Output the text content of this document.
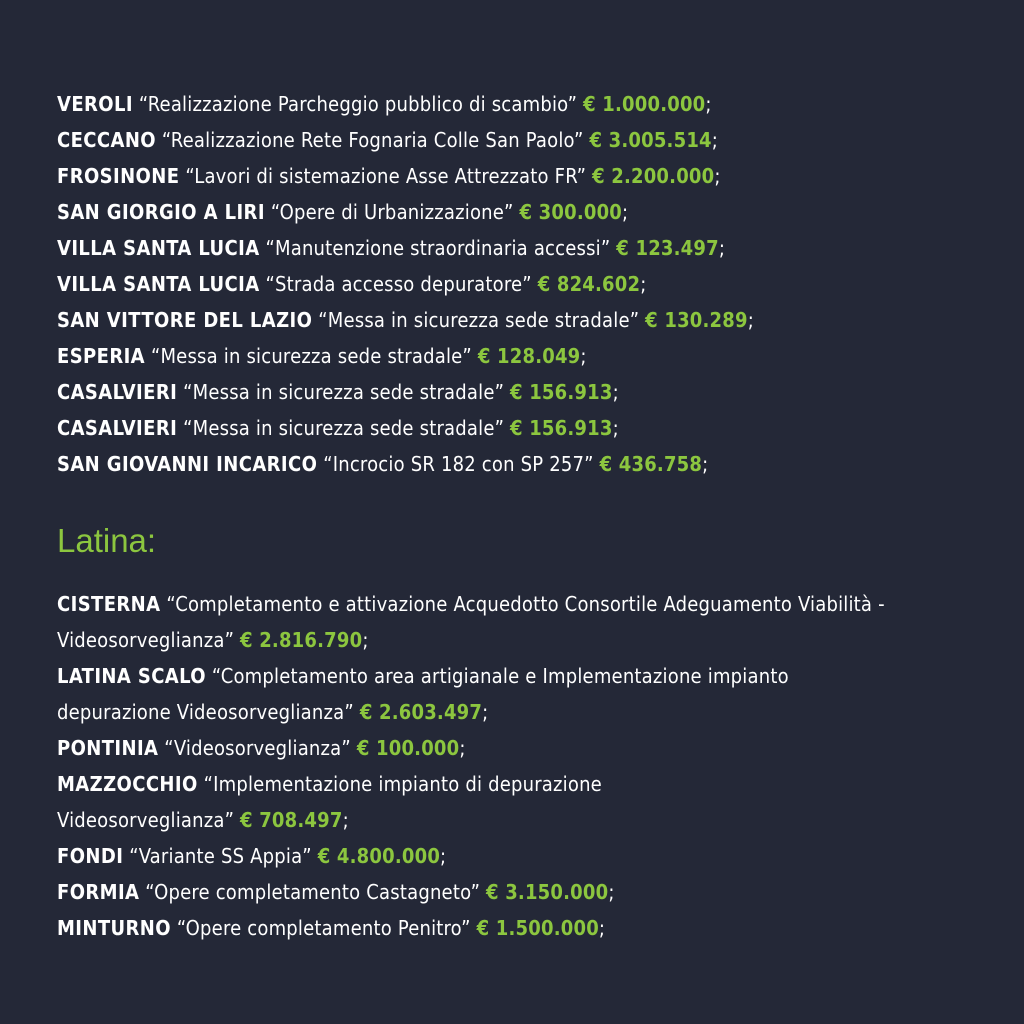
VEROLI “Realizzazione Parcheggio pubblico di scambio” € 1.000.000;
CECCANO “Realizzazione Rete Fognaria Colle San Paolo” € 3.005.514;
FROSINONE “Lavori di sistemazione Asse Attrezzato FR” € 2.200.000;
SAN GIORGIO A LIRI “Opere di Urbanizzazione” € 300.000;
VILLA SANTA LUCIA “Manutenzione straordinaria accessi” € 123.497;
VILLA SANTA LUCIA “Strada accesso depuratore” € 824.602;
SAN VITTORE DEL LAZIO “Messa in sicurezza sede stradale” € 130.289;
ESPERIA “Messa in sicurezza sede stradale” € 128.049;
CASALVIERI “Messa in sicurezza sede stradale” € 156.913;
CASALVIERI “Messa in sicurezza sede stradale” € 156.913;
SAN GIOVANNI INCARICO “Incrocio SR 182 con SP 257” € 436.758;
Latina:
CISTERNA “Completamento e attivazione Acquedotto Consortile Adeguamento Viabilità - Videosorveglianza” € 2.816.790;
LATINA SCALO “Completamento area artigianale e Implementazione impianto depurazione Videosorveglianza” € 2.603.497;
PONTINIA “Videosorveglianza” € 100.000;
MAZZOCCHIO “Implementazione impianto di depurazione Videosorveglianza” € 708.497;
FONDI “Variante SS Appia” € 4.800.000;
FORMIA “Opere completamento Castagneto” € 3.150.000;
MINTURNO “Opere completamento Penitro” € 1.500.000;
